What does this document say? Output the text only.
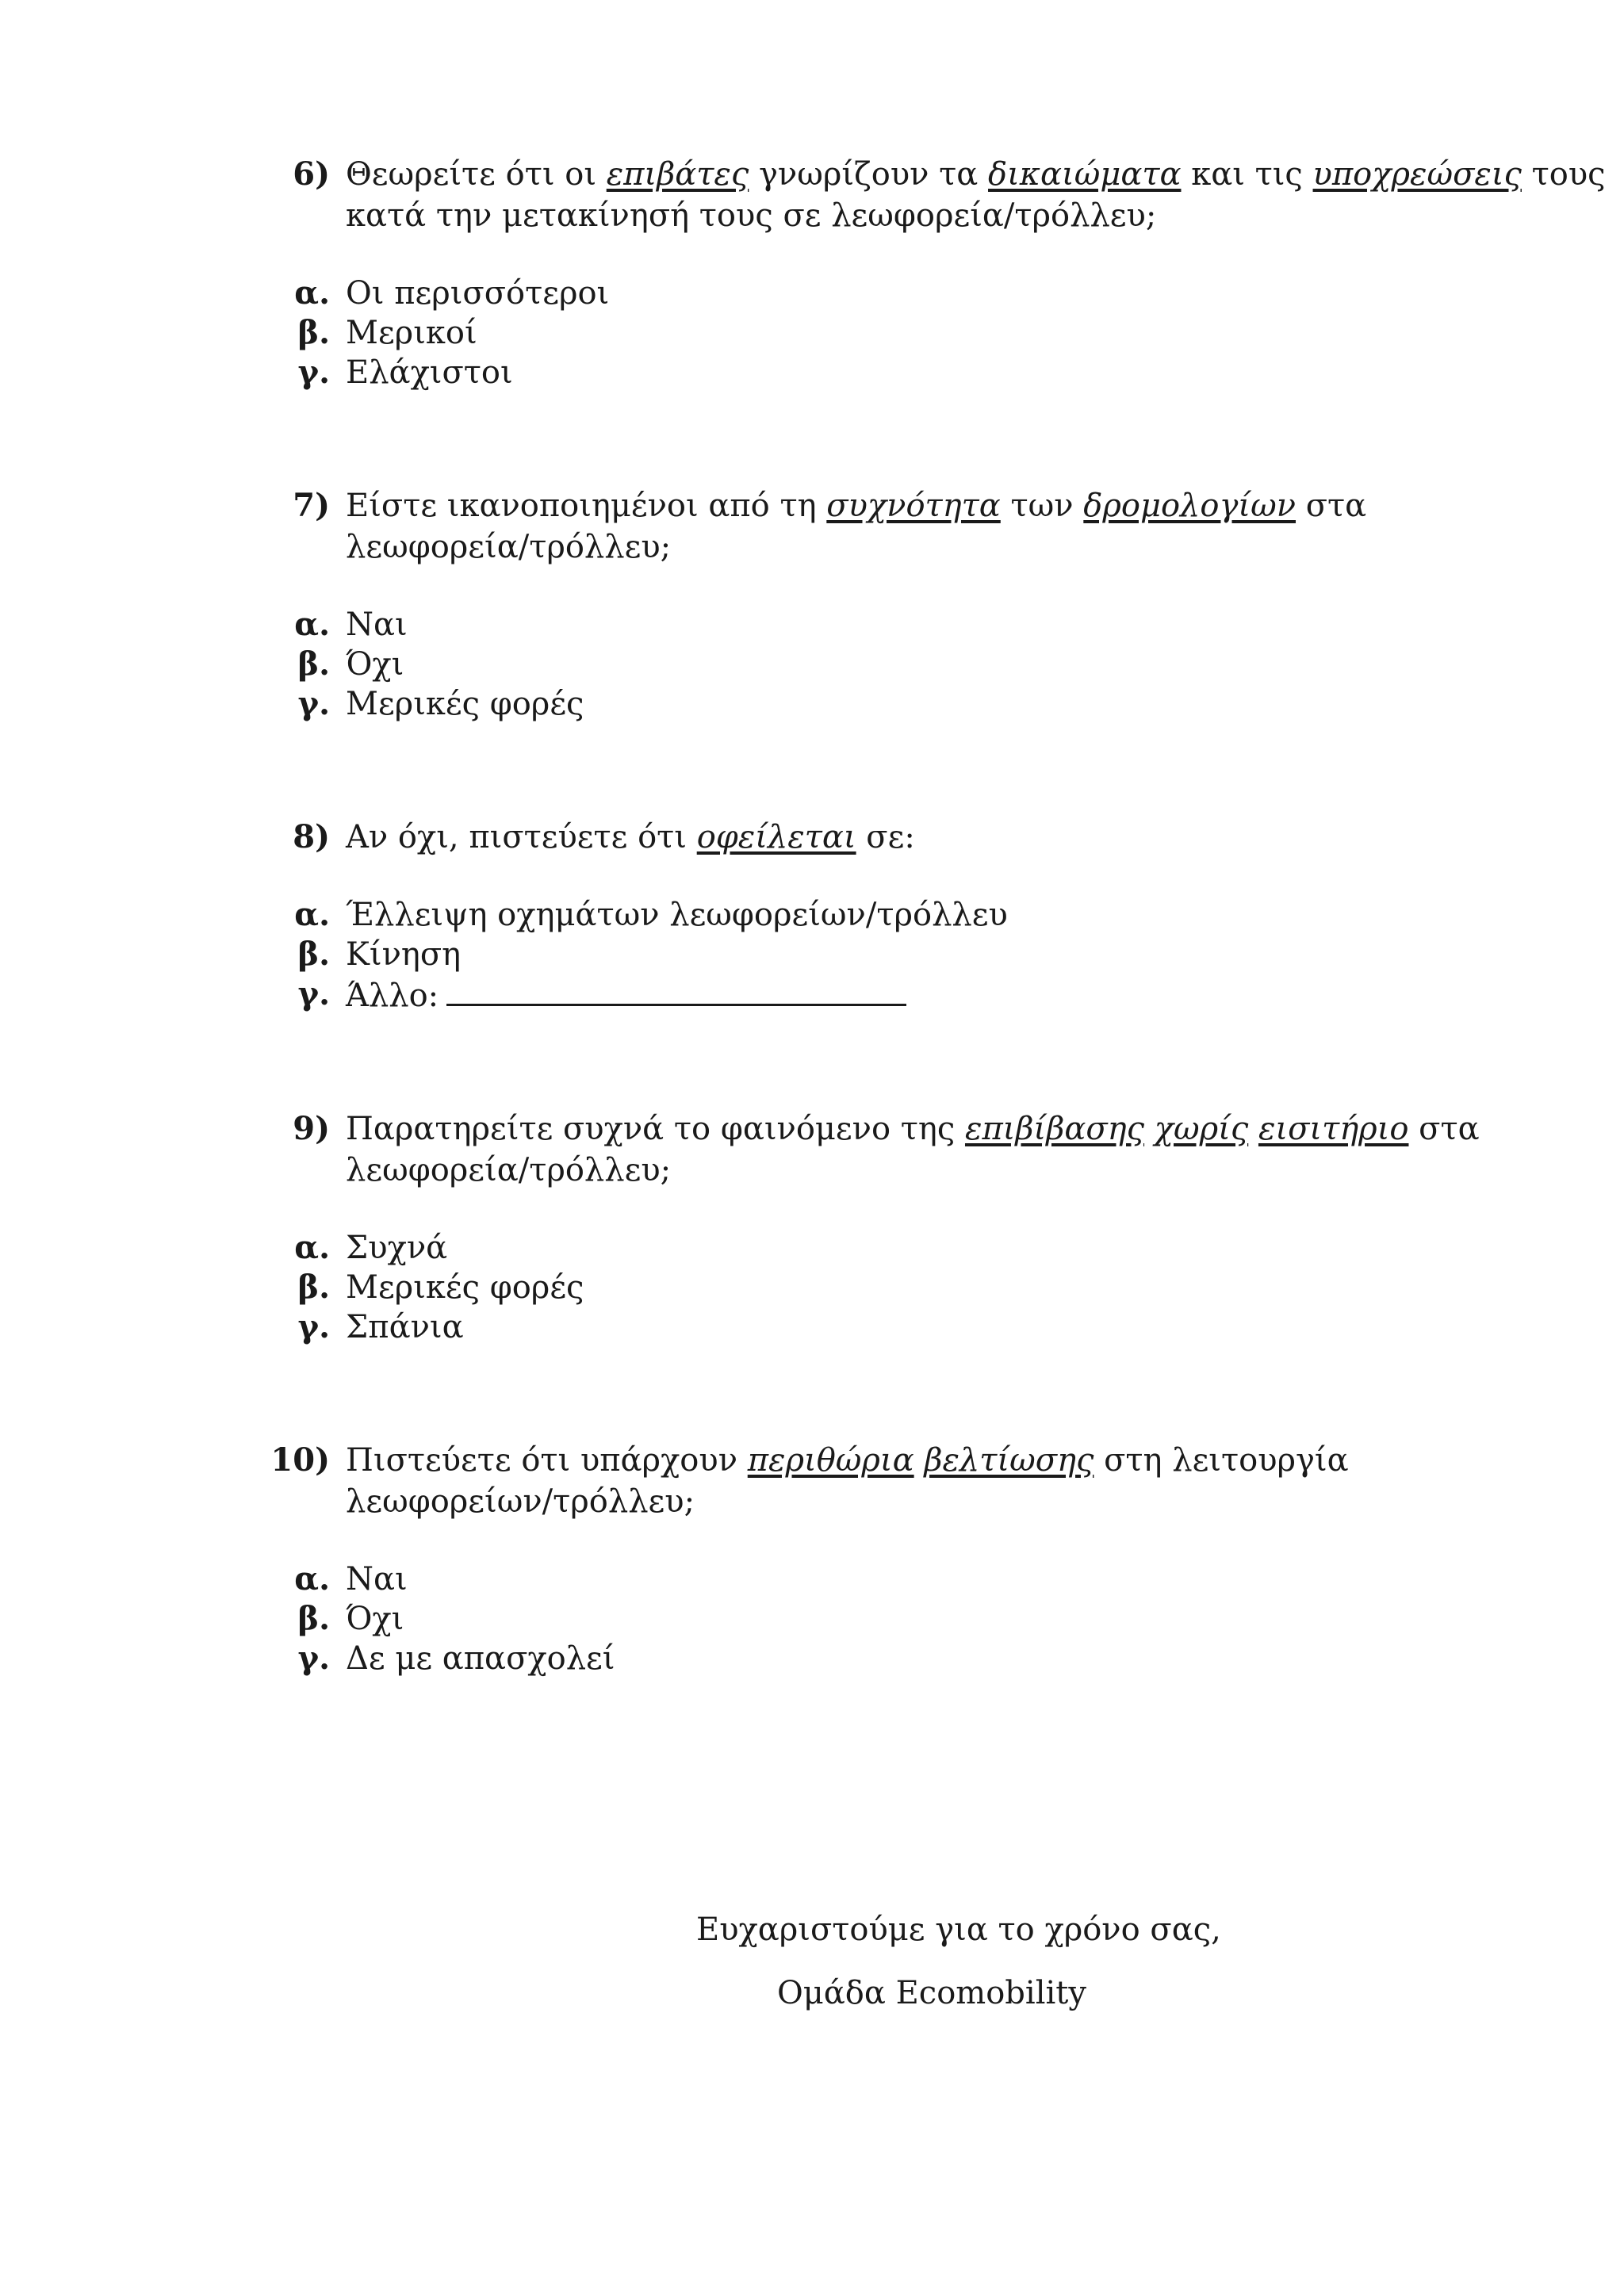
6) Θεωρείτε ότι οι επιβάτες γνωρίζουν τα δικαιώματα και τις υποχρεώσεις τους
κατά την μετακίνησή τους σε λεωφορεία/τρόλλευ;
α. Οι περισσότεροι
β. Μερικοί
γ. Ελάχιστοι
7) Είστε ικανοποιημένοι από τη συχνότητα των δρομολογίων στα
λεωφορεία/τρόλλευ;
α. Ναι
β. Όχι
γ. Μερικές φορές
8) Αν όχι, πιστεύετε ότι οφείλεται σε:
α. Έλλειψη οχημάτων λεωφορείων/τρόλλευ
β. Κίνηση
γ. Άλλο:
9) Παρατηρείτε συχνά το φαινόμενο της επιβίβασης χωρίς εισιτήριο στα
λεωφορεία/τρόλλευ;
α. Συχνά
β. Μερικές φορές
γ. Σπάνια
10) Πιστεύετε ότι υπάρχουν περιθώρια βελτίωσης στη λειτουργία
λεωφορείων/τρόλλευ;
α. Ναι
β. Όχι
γ. Δε με απασχολεί
Ευχαριστούμε για το χρόνο σας,
Ομάδα Ecomobility
